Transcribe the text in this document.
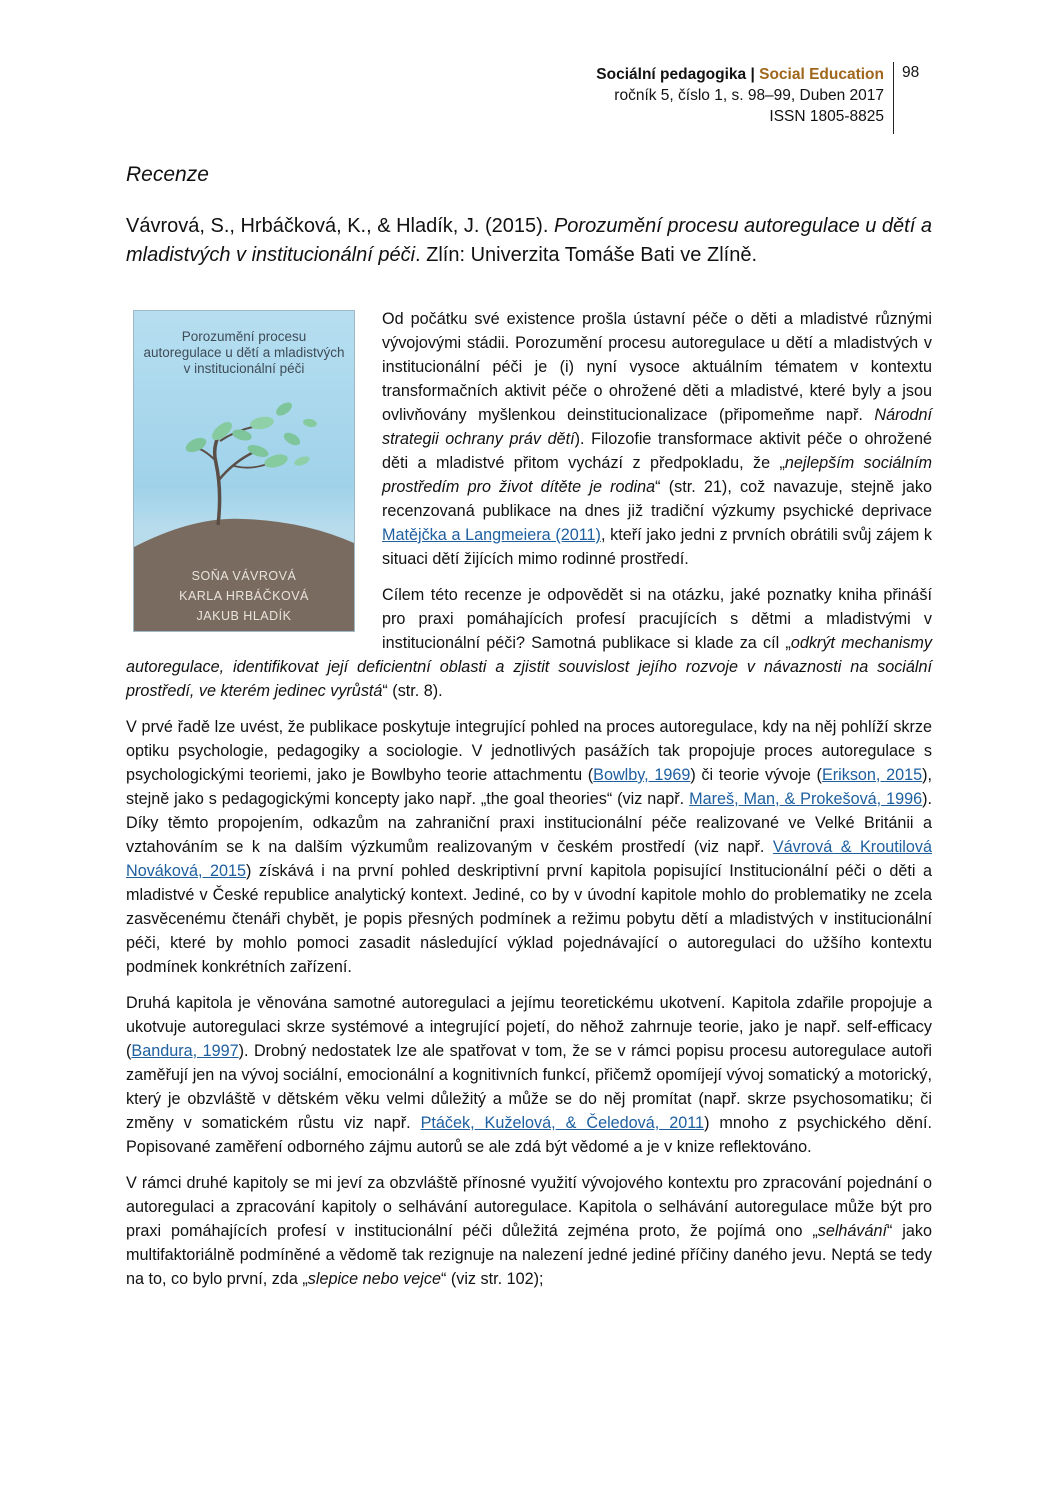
Sociální pedagogika | Social Education
ročník 5, číslo 1, s. 98–99, Duben 2017
ISSN 1805-8825
98
Recenze
Vávrová, S., Hrbáčková, K., & Hladík, J. (2015). Porozumění procesu autoregulace u dětí a mladistvých v institucionální péči. Zlín: Univerzita Tomáše Bati ve Zlíně.
Porozumění procesu
autoregulace u dětí a mladistvých
v institucionální péči
SOŇA VÁVROVÁ
KARLA HRBÁČKOVÁ
JAKUB HLADÍK

Od počátku své existence prošla ústavní péče o děti a mladistvé různými vývojovými stádii. Porozumění procesu autoregulace u dětí a mladistvých v institucionální péči je (i) nyní vysoce aktuálním tématem v kontextu transformačních aktivit péče o ohrožené děti a mladistvé, které byly a jsou ovlivňovány myšlenkou deinstitucionalizace (připomeňme např. Národní strategii ochrany práv dětí). Filozofie transformace aktivit péče o ohrožené děti a mladistvé přitom vychází z předpokladu, že „nejlepším sociálním prostředím pro život dítěte je rodina“ (str. 21), což navazuje, stejně jako recenzovaná publikace na dnes již tradiční výzkumy psychické deprivace Matějčka a Langmeiera (2011), kteří jako jedni z prvních obrátili svůj zájem k situaci dětí žijících mimo rodinné prostředí.

Cílem této recenze je odpovědět si na otázku, jaké poznatky kniha přináší pro praxi pomáhajících profesí pracujících s dětmi a mladistvými v institucionální péči? Samotná publikace si klade za cíl „odkrýt mechanismy autoregulace, identifikovat její deficientní oblasti a zjistit souvislost jejího rozvoje v návaznosti na sociální prostředí, ve kterém jedinec vyrůstá“ (str. 8).

V prvé řadě lze uvést, že publikace poskytuje integrující pohled na proces autoregulace, kdy na něj pohlíží skrze optiku psychologie, pedagogiky a sociologie. V jednotlivých pasážích tak propojuje proces autoregulace s psychologickými teoriemi, jako je Bowlbyho teorie attachmentu (Bowlby, 1969) či teorie vývoje (Erikson, 2015), stejně jako s pedagogickými koncepty jako např. „the goal theories“ (viz např. Mareš, Man, & Prokešová, 1996). Díky těmto propojením, odkazům na zahraniční praxi institucionální péče realizované ve Velké Británii a vztahováním se k na dalším výzkumům realizovaným v českém prostředí (viz např. Vávrová & Kroutilová Nováková, 2015) získává i na první pohled deskriptivní první kapitola popisující Institucionální péči o děti a mladistvé v České republice analytický kontext. Jediné, co by v úvodní kapitole mohlo do problematiky ne zcela zasvěcenému čtenáři chybět, je popis přesných podmínek a režimu pobytu dětí a mladistvých v institucionální péči, které by mohlo pomoci zasadit následující výklad pojednávající o autoregulaci do užšího kontextu podmínek konkrétních zařízení.

Druhá kapitola je věnována samotné autoregulaci a jejímu teoretickému ukotvení. Kapitola zdařile propojuje a ukotvuje autoregulaci skrze systémové a integrující pojetí, do něhož zahrnuje teorie, jako je např. self-efficacy (Bandura, 1997). Drobný nedostatek lze ale spatřovat v tom, že se v rámci popisu procesu autoregulace autoři zaměřují jen na vývoj sociální, emocionální a kognitivních funkcí, přičemž opomíjejí vývoj somatický a motorický, který je obzvláště v dětském věku velmi důležitý a může se do něj promítat (např. skrze psychosomatiku; či změny v somatickém růstu viz např. Ptáček, Kuželová, & Čeledová, 2011) mnoho z psychického dění. Popisované zaměření odborného zájmu autorů se ale zdá být vědomé a je v knize reflektováno.

V rámci druhé kapitoly se mi jeví za obzvláště přínosné využití vývojového kontextu pro zpracování pojednání o autoregulaci a zpracování kapitoly o selhávání autoregulace. Kapitola o selhávání autoregulace může být pro praxi pomáhajících profesí v institucionální péči důležitá zejména proto, že pojímá ono „selhávání“ jako multifaktoriálně podmíněné a vědomě tak rezignuje na nalezení jedné jediné příčiny daného jevu. Neptá se tedy na to, co bylo první, zda „slepice nebo vejce“ (viz str. 102);
